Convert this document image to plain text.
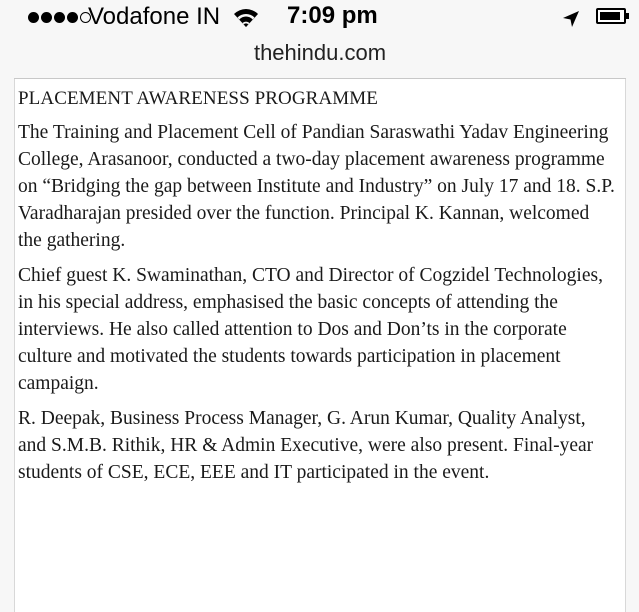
Vodafone IN	7:09 pm
thehindu.com
PLACEMENT AWARENESS PROGRAMME

The Training and Placement Cell of Pandian Saraswathi Yadav Engineering College, Arasanoor, conducted a two-day placement awareness programme on “Bridging the gap between Institute and Industry” on July 17 and 18. S.P. Varadharajan presided over the function. Principal K. Kannan, welcomed the gathering.

Chief guest K. Swaminathan, CTO and Director of Cogzidel Technologies, in his special address, emphasised the basic concepts of attending the interviews. He also called attention to Dos and Don’ts in the corporate culture and motivated the students towards participation in placement campaign.

R. Deepak, Business Process Manager, G. Arun Kumar, Quality Analyst, and S.M.B. Rithik, HR & Admin Executive, were also present. Final-year students of CSE, ECE, EEE and IT participated in the event.
